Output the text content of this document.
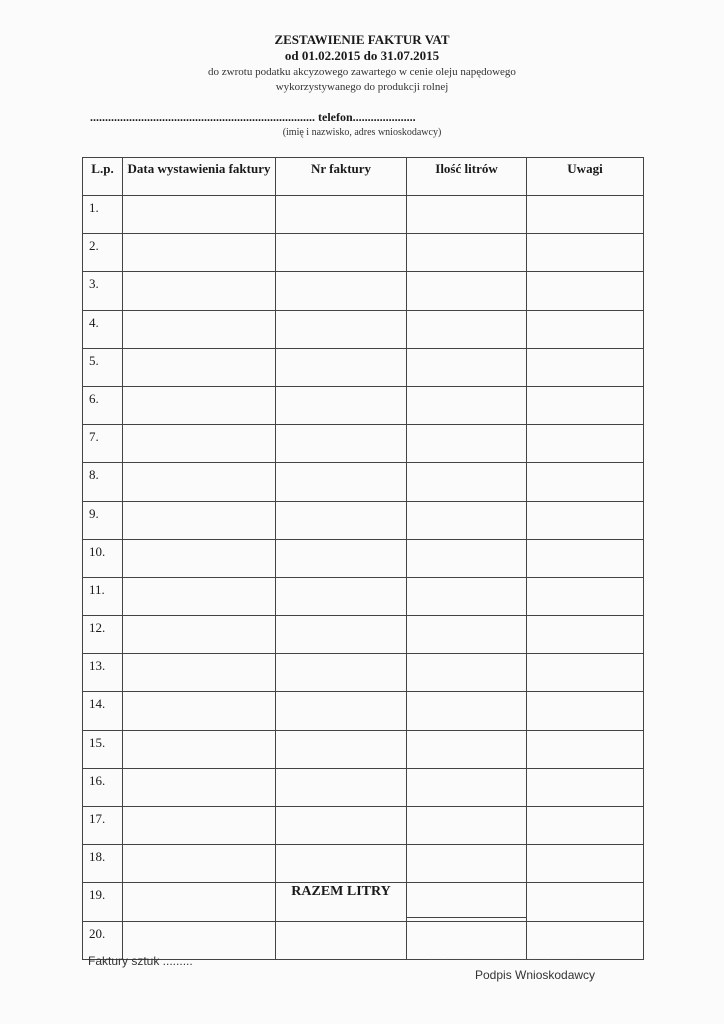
ZESTAWIENIE FAKTUR VAT
od 01.02.2015 do 31.07.2015
do zwrotu podatku akcyzowego zawartego w cenie oleju napędowego
wykorzystywanego do produkcji rolnej
........................................................................... telefon.....................
(imię i nazwisko, adres wnioskodawcy)
L.p.	Data wystawienia faktury	Nr faktury	Ilość litrów	Uwagi
1.				
2.				
3.				
4.				
5.				
6.				
7.				
8.				
9.				
10.				
11.				
12.				
13.				
14.				
15.				
16.				
17.				
18.				
19.				
20.				
RAZEM LITRY
Faktury sztuk .........	..............................................
Podpis Wnioskodawcy
